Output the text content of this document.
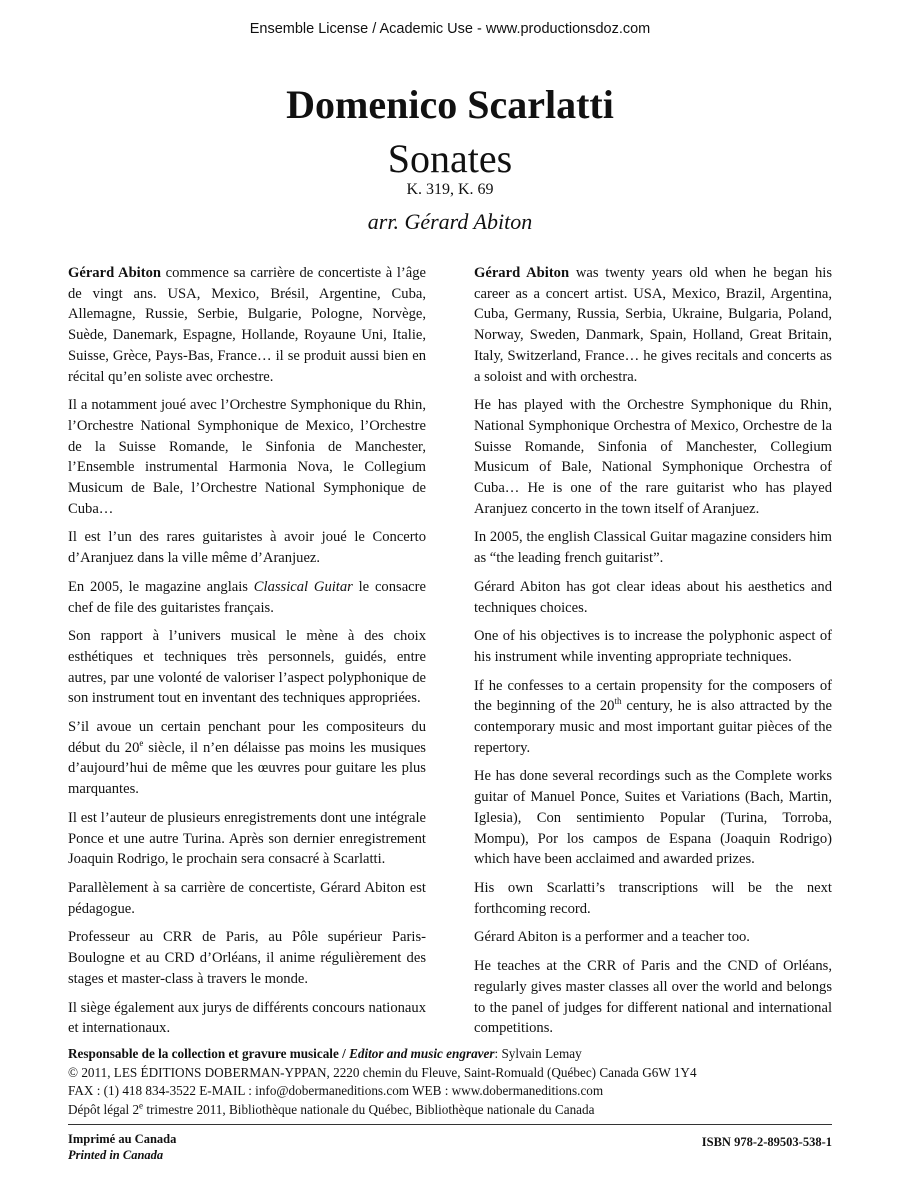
Ensemble License / Academic Use - www.productionsdoz.com
Domenico Scarlatti
Sonates
K. 319, K. 69
arr. Gérard Abiton

Gérard Abiton commence sa carrière de concertiste à l’âge de vingt ans. USA, Mexico, Brésil, Argentine, Cuba, Allemagne, Russie, Serbie, Bulgarie, Pologne, Norvège, Suède, Danemark, Espagne, Hollande, Royaune Uni, Italie, Suisse, Grèce, Pays-Bas, France… il se produit aussi bien en récital qu’en soliste avec orchestre.

Il a notamment joué avec l’Orchestre Symphonique du Rhin, l’Orchestre National Symphonique de Mexico, l’Orchestre de la Suisse Romande, le Sinfonia de Manchester, l’Ensemble instrumental Harmonia Nova, le Collegium Musicum de Bale, l’Orchestre National Symphonique de Cuba…

Il est l’un des rares guitaristes à avoir joué le Concerto d’Aranjuez dans la ville même d’Aranjuez.

En 2005, le magazine anglais Classical Guitar le consacre chef de file des guitaristes français.

Son rapport à l’univers musical le mène à des choix esthétiques et techniques très personnels, guidés, entre autres, par une volonté de valoriser l’aspect polyphonique de son instrument tout en inventant des techniques appropriées.

S’il avoue un certain penchant pour les compositeurs du début du 20e siècle, il n’en délaisse pas moins les musiques d’aujourd’hui de même que les œuvres pour guitare les plus marquantes.

Il est l’auteur de plusieurs enregistrements dont une intégrale Ponce et une autre Turina. Après son dernier enregistrement Joaquin Rodrigo, le prochain sera consacré à Scarlatti.

Parallèlement à sa carrière de concertiste, Gérard Abiton est pédagogue.

Professeur au CRR de Paris, au Pôle supérieur Paris-Boulogne et au CRD d’Orléans, il anime régulièrement des stages et master-class à travers le monde.

Il siège également aux jurys de différents concours nationaux et internationaux.

Gérard Abiton was twenty years old when he began his career as a concert artist. USA, Mexico, Brazil, Argentina, Cuba, Germany, Russia, Serbia, Ukraine, Bulgaria, Poland, Norway, Sweden, Danmark, Spain, Holland, Great Britain, Italy, Switzerland, France… he gives recitals and concerts as a soloist and with orchestra.

He has played with the Orchestre Symphonique du Rhin, National Symphonique Orchestra of Mexico, Orchestre de la Suisse Romande, Sinfonia of Manchester, Collegium Musicum of Bale, National Symphonique Orchestra of Cuba… He is one of the rare guitarist who has played Aranjuez concerto in the town itself of Aranjuez.

In 2005, the english Classical Guitar magazine considers him as “the leading french guitarist”.

Gérard Abiton has got clear ideas about his aesthetics and techniques choices.

One of his objectives is to increase the polyphonic aspect of his instrument while inventing appropriate techniques.

If he confesses to a certain propensity for the composers of the beginning of the 20th century, he is also attracted by the contemporary music and most important guitar pièces of the repertory.

He has done several recordings such as the Complete works guitar of Manuel Ponce, Suites et Variations (Bach, Martin, Iglesia), Con sentimiento Popular (Turina, Torroba, Mompu), Por los campos de Espana (Joaquin Rodrigo) which have been acclaimed and awarded prizes.

His own Scarlatti’s transcriptions will be the next forthcoming record.

Gérard Abiton is a performer and a teacher too.

He teaches at the CRR of Paris and the CND of Orléans, regularly gives master classes all over the world and belongs to the panel of judges for different national and international competitions.

Responsable de la collection et gravure musicale / Editor and music engraver: Sylvain Lemay
© 2011, LES ÉDITIONS DOBERMAN-YPPAN, 2220 chemin du Fleuve, Saint-Romuald (Québec) Canada G6W 1Y4
FAX : (1) 418 834-3522 E-MAIL : info@dobermaneditions.com WEB : www.dobermaneditions.com
Dépôt légal 2e trimestre 2011, Bibliothèque nationale du Québec, Bibliothèque nationale du Canada
Imprimé au Canada
Printed in Canada
ISBN 978-2-89503-538-1
